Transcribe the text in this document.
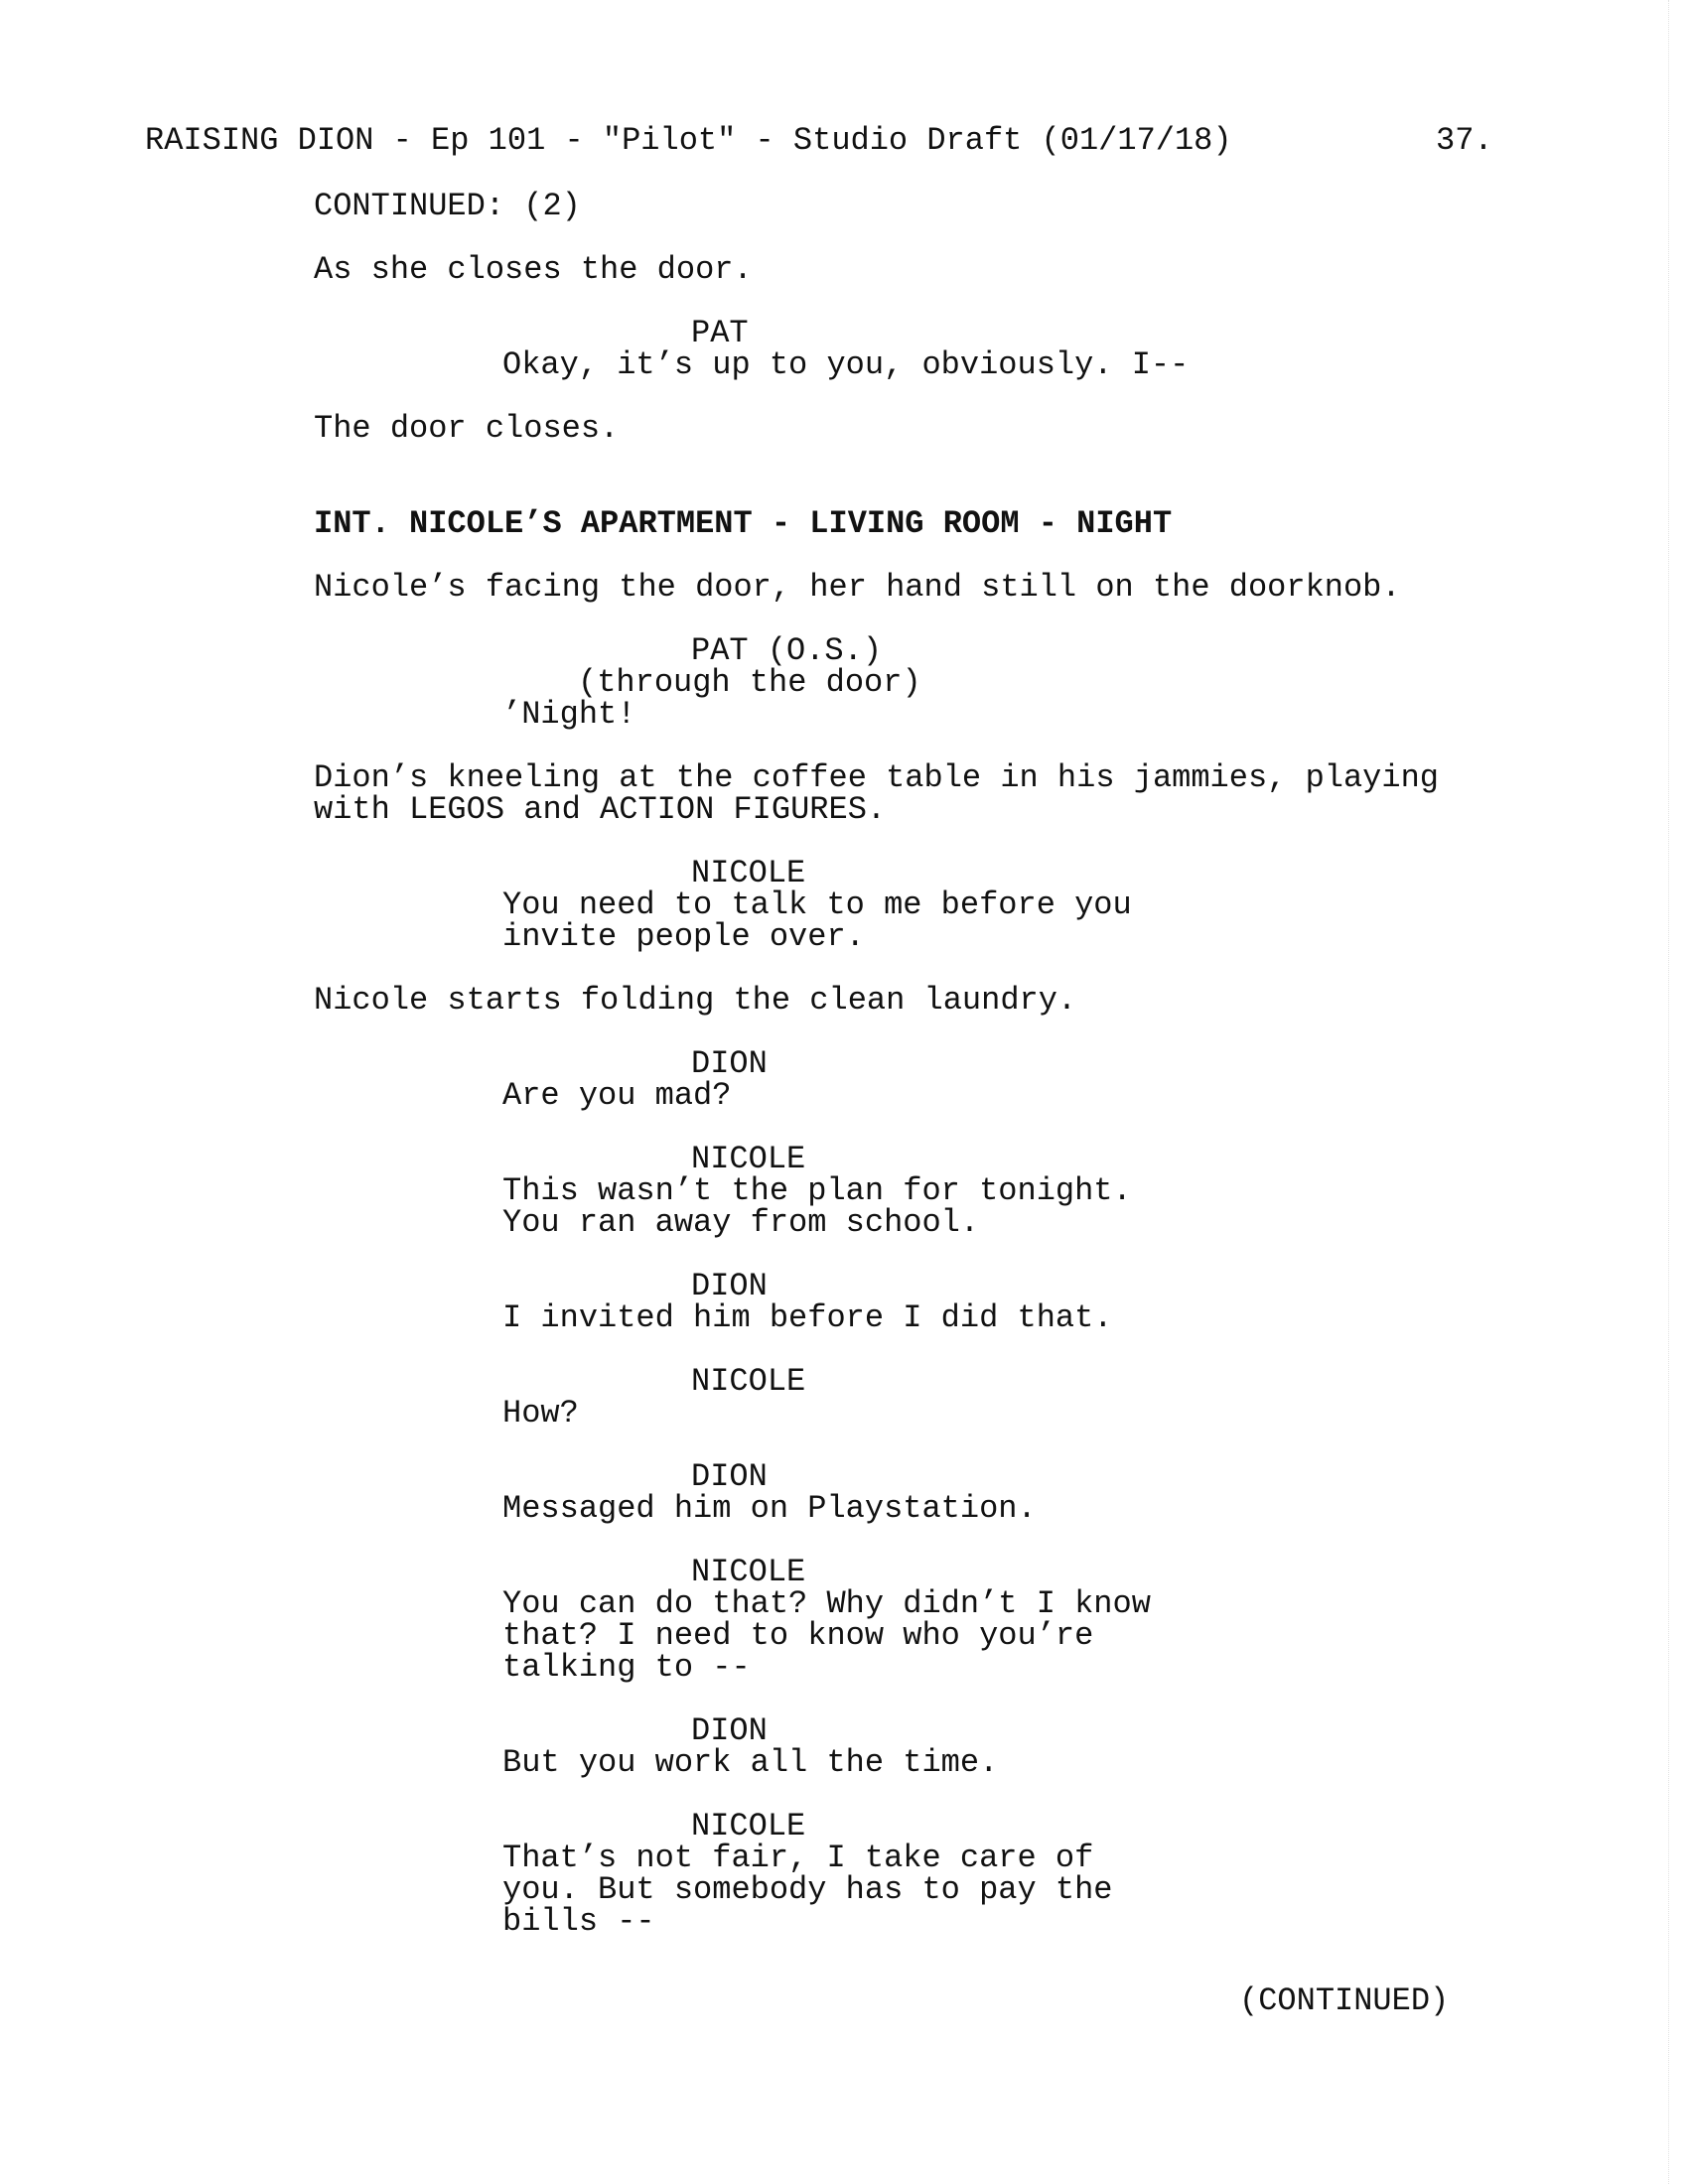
RAISING DION - Ep 101 - "Pilot" - Studio Draft (01/17/18)	37.
CONTINUED: (2)
As she closes the door.
PAT
Okay, it’s up to you, obviously. I--
The door closes.
INT. NICOLE’S APARTMENT - LIVING ROOM - NIGHT
Nicole’s facing the door, her hand still on the doorknob.
PAT (O.S.)
(through the door)
’Night!
Dion’s kneeling at the coffee table in his jammies, playing
with LEGOS and ACTION FIGURES.
NICOLE
You need to talk to me before you
invite people over.
Nicole starts folding the clean laundry.
DION
Are you mad?
NICOLE
This wasn’t the plan for tonight.
You ran away from school.
DION
I invited him before I did that.
NICOLE
How?
DION
Messaged him on Playstation.
NICOLE
You can do that? Why didn’t I know
that? I need to know who you’re
talking to --
DION
But you work all the time.
NICOLE
That’s not fair, I take care of
you. But somebody has to pay the
bills --
(CONTINUED)
